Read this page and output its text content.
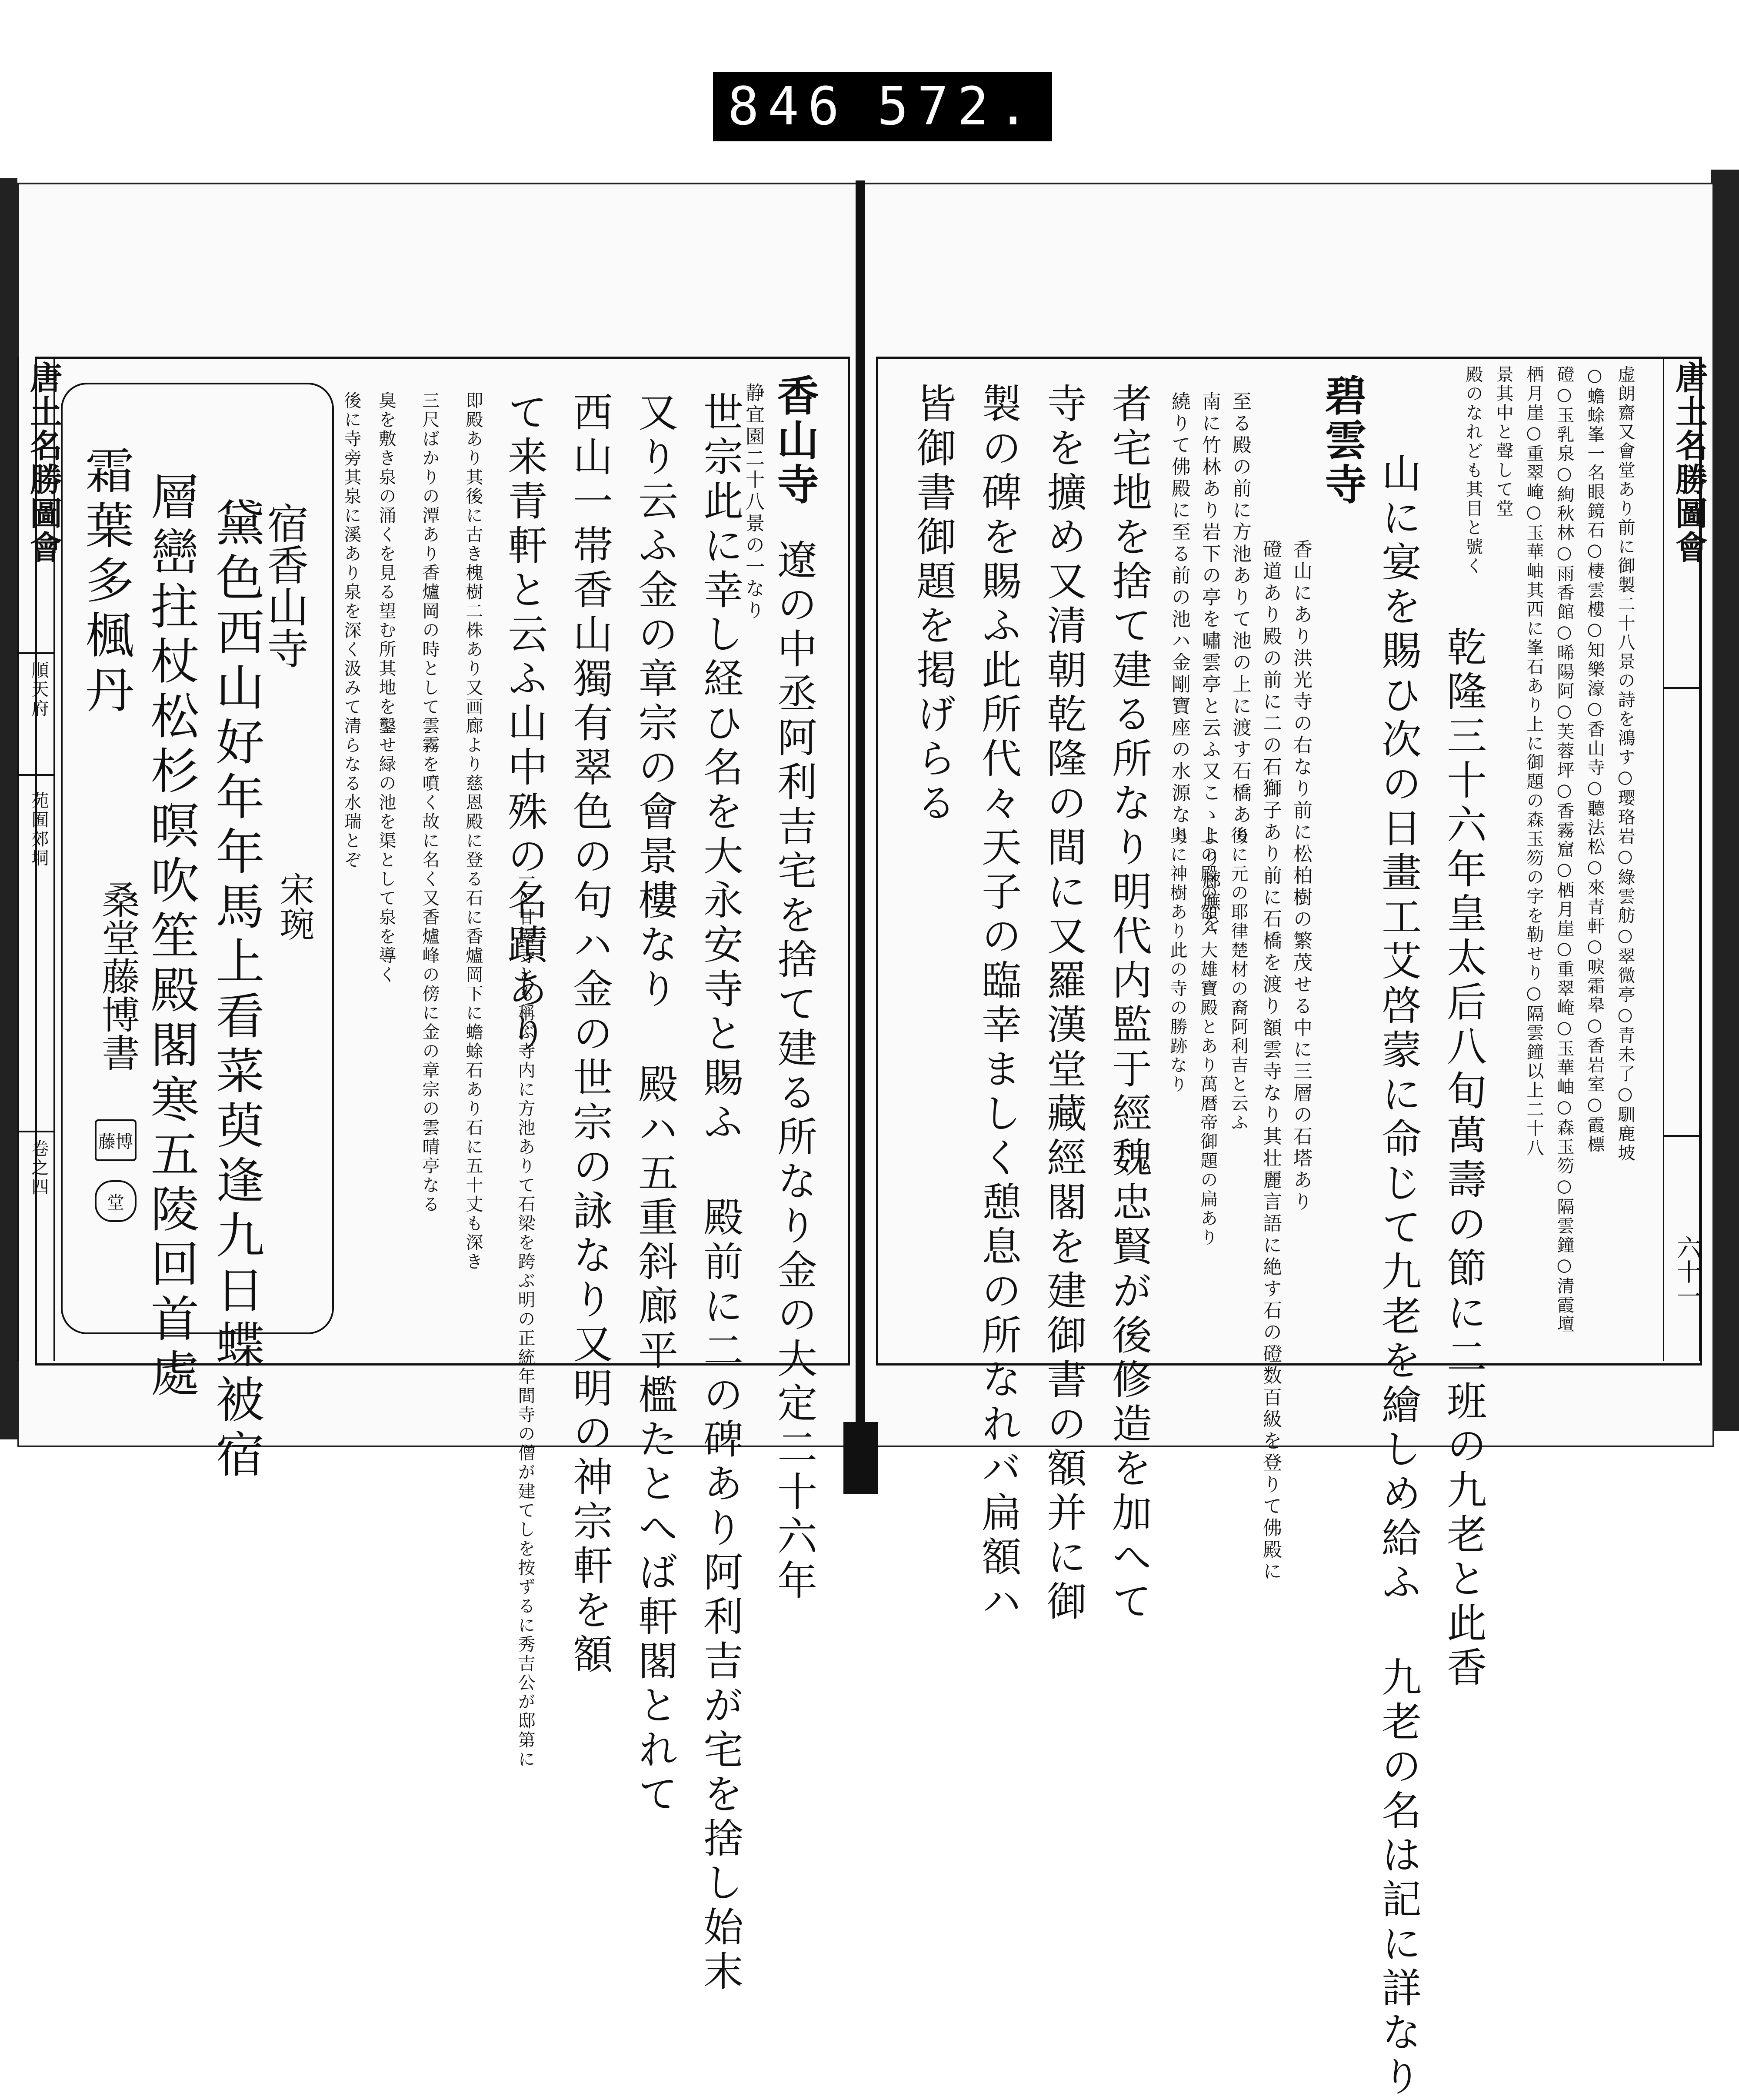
846 572.
唐土名勝圖會
順天府
苑囿郊垌
卷之四
唐土名勝圖會
六十一
宿香山寺
宋琬
黛色西山好年年馬上看菜萸逢九日蝶被宿
層巒拄杖松杉暝吹笙殿閣寒五陵回首處
霜葉多楓丹
桑堂藤博書
藤博
堂
香山寺
静宜園二十八景の一なり
遼の中丞阿利吉宅を捨て建る所なり金の大定二十六年
世宗此に幸し経ひ名を大永安寺と賜ふ 殿前に二の碑あり阿利吉が宅を捨し始末
又り云ふ金の章宗の會景樓なり 殿ハ五重斜廊平檻たとへば軒閣とれて
西山一帯香山獨有翠色の句ハ金の世宗の詠なり又明の神宗軒を額
て来青軒と云ふ山中殊の名蹟あり
一に甘露寺とも稱ぶ寺内に方池ありて石梁を跨ぶ明の正統年間寺の僧が建てしを按ずるに秀吉公が邸第に
即殿あり其後に古き槐樹二株あり又画廊より慈恩殿に登る石に香爐岡下に蟾蜍石あり石に五十丈も深き
三尺ばかりの潭あり香爐岡の時として雲霧を噴く故に名く又香爐峰の傍に金の章宗の雲晴亭なる
臭を敷き泉の涌くを見る望む所其地を鑿せ緑の池を渠として泉を導く
後に寺旁其泉に溪あり泉を深く汲みて清らなる水瑞とぞ	虚朗齋又會堂あり前に御製二十八景の詩を鴻す○璎珞岩○綠雲舫○翠微亭○青未了○馴鹿坡
○蟾蜍峯一名眼鏡石○棲雲樓○知樂濠○香山寺○聽法松○來青軒○唳霜皋○香岩室○霞標
磴○玉乳泉○絢秋林○雨香館○晞陽阿○芙蓉坪○香霧窟○栖月崖○重翠崦○玉華岫○森玉笏○隔雲鐘○清霞壇
栖月崖○重翠崦○玉華岫其西に峯石あり上に御題の森玉笏の字を勒せり○隔雲鐘以上二十八
景其中と聲して堂
殿のなれども其目と號く
乾隆三十六年皇太后八旬萬壽の節に二班の九老と此香
山に宴を賜ひ次の日畫工艾啓蒙に命じて九老を繪しめ給ふ 九老の名は記に詳なり
碧雲寺
香山にあり洪光寺の右なり前に松柏樹の繁茂せる中に三層の石塔あり
磴道あり殿の前に二の石獅子あり前に石橋を渡り額雲寺なり其壮麗言語に絶す石の磴数百級を登りて佛殿に
至る殿の前に方池ありて池の上に渡す石橋あり
南に竹林あり岩下の亭を嘯雲亭と云ふ又こゝより廊廡を
繞りて佛殿に至る前の池ハ金剛寶座の水源なり
後に元の耶律楚材の裔阿利吉と云ふ
上の殿の額ハ大雄寶殿とあり萬暦帝御題の扁あり
奥に神樹あり此の寺の勝跡なり
者宅地を捨て建る所なり明代内監于經魏忠賢が後修造を加へて
寺を擴め又清朝乾隆の間に又羅漢堂藏經閣を建御書の額并に御
製の碑を賜ふ此所代々天子の臨幸ましく憩息の所なれバ扁額ハ
皆御書御題を掲げらる
